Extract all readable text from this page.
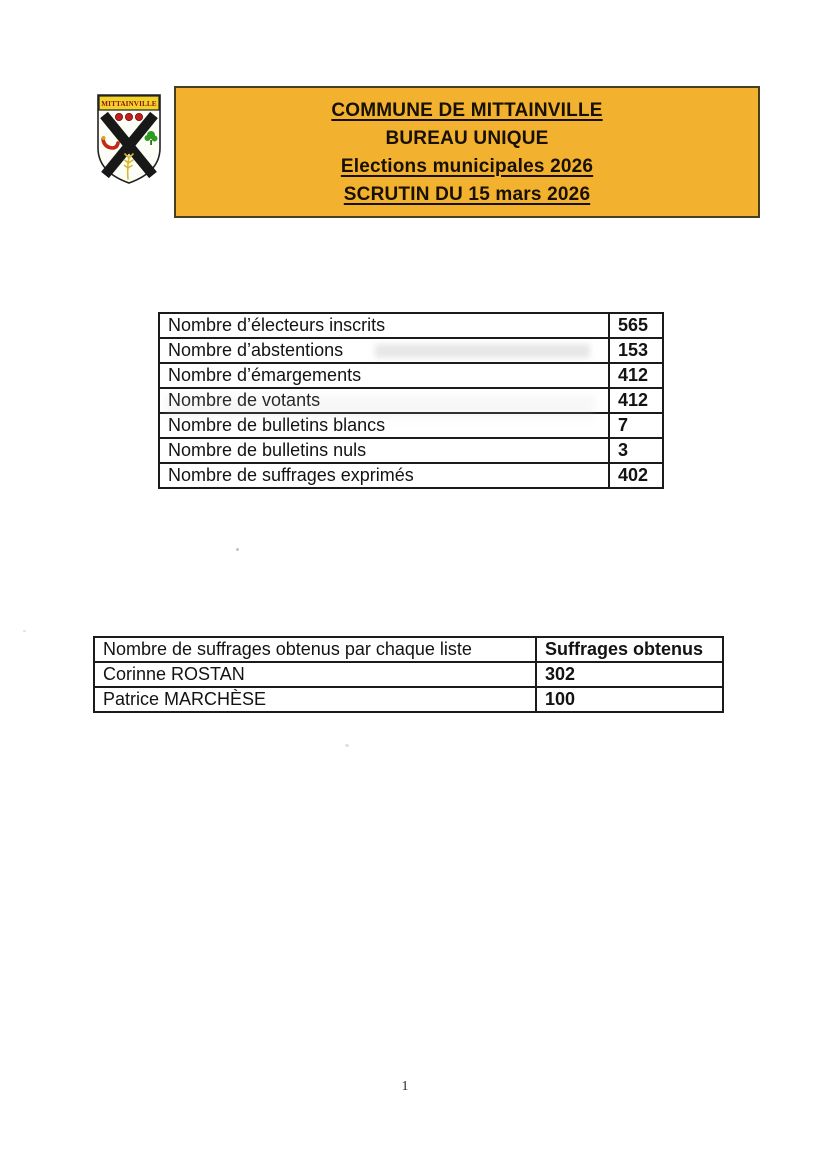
MITTAINVILLE	COMMUNE DE MITTAINVILLE
BUREAU UNIQUE
Elections municipales 2026
SCRUTIN DU 15 mars 2026
Nombre d’électeurs inscrits	565
Nombre d’abstentions	153
Nombre d’émargements	412
Nombre de votants	412
Nombre de bulletins blancs	7
Nombre de bulletins nuls	3
Nombre de suffrages exprimés	402
Nombre de suffrages obtenus par chaque liste	Suffrages obtenus
Corinne ROSTAN	302
Patrice MARCHÈSE	100
1
